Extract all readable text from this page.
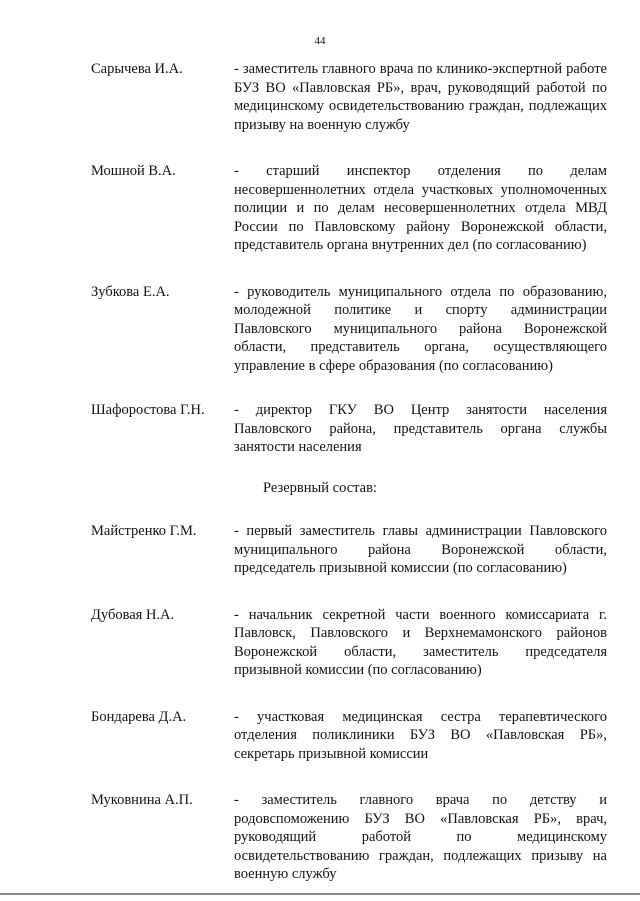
44
Сарычева И.А.	- заместитель главного врача по клинико-экспертной работе БУЗ ВО «Павловская РБ», врач, руководящий работой по медицинскому освидетельствованию граждан, подлежащих призыву на военную службу
Мошной В.А.	- старший инспектор отделения по делам несовершеннолетних отдела участковых уполномоченных полиции и по делам несовершеннолетних отдела МВД России по Павловскому району Воронежской области, представитель органа внутренних дел (по согласованию)
Зубкова Е.А.	- руководитель муниципального отдела по образованию, молодежной политике и спорту администрации Павловского муниципального района Воронежской области, представитель органа, осуществляющего управление в сфере образования (по согласованию)
Шафоростова Г.Н. - директор ГКУ ВО Центр занятости населения Павловского района, представитель органа службы занятости населения
Резервный состав:
Майстренко Г.М.	- первый заместитель главы администрации Павловского муниципального района Воронежской области, председатель призывной комиссии (по согласованию)
Дубовая Н.А.	- начальник секретной части военного комиссариата г. Павловск, Павловского и Верхнемамонского районов Воронежской области, заместитель председателя призывной комиссии (по согласованию)
Бондарева Д.А.	- участковая медицинская сестра терапевтического отделения поликлиники БУЗ ВО «Павловская РБ», секретарь призывной комиссии
Муковнина А.П.	- заместитель главного врача по детству и родовспоможению БУЗ ВО «Павловская РБ», врач, руководящий работой по медицинскому освидетельствованию граждан, подлежащих призыву на военную службу
